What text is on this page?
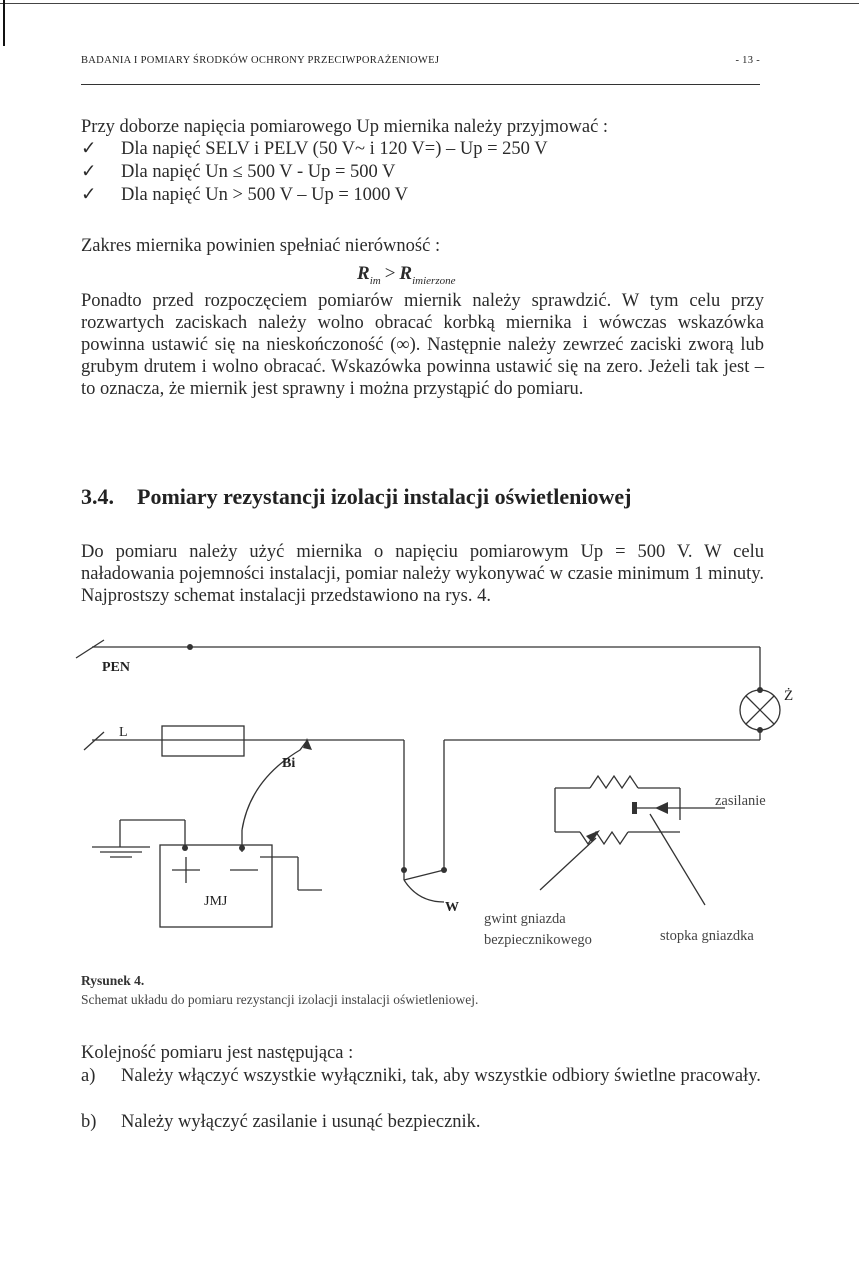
BADANIA I POMIARY ŚRODKÓW OCHRONY PRZECIWPORAŻENIOWEJ	- 13 -
Przy doborze napięcia pomiarowego Up miernika należy przyjmować :
✓ Dla napięć SELV i PELV (50 V~ i 120 V=) – Up = 250 V
✓ Dla napięć Un ≤ 500 V - Up = 500 V
✓ Dla napięć Un > 500 V – Up = 1000 V
Zakres miernika powinien spełniać nierówność :
$R_{im} > R_{imierzone}$
Ponadto przed rozpoczęciem pomiarów miernik należy sprawdzić. W tym celu przy rozwartych zaciskach należy wolno obracać korbką miernika i wówczas wskazówka powinna ustawić się na nieskończoność (∞). Następnie należy zewrzeć zaciski zworą lub grubym drutem i wolno obracać. Wskazówka powinna ustawić się na zero. Jeżeli tak jest – to oznacza, że miernik jest sprawny i można przystąpić do pomiaru.
3.4. Pomiary rezystancji izolacji instalacji oświetleniowej
Do pomiaru należy użyć miernika o napięciu pomiarowym Up = 500 V. W celu naładowania pojemności instalacji, pomiar należy wykonywać w czasie minimum 1 minuty. Najprostszy schemat instalacji przedstawiono na rys. 4.
PEN
L
Bi
JMJ	W
Ż
zasilanie
gwint gniazda
bezpiecznikowego	stopka gniazdka
Rysunek 4.
Schemat układu do pomiaru rezystancji izolacji instalacji oświetleniowej.
Kolejność pomiaru jest następująca :
a) Należy włączyć wszystkie wyłączniki, tak, aby wszystkie odbiory świetlne pracowały.
b) Należy wyłączyć zasilanie i usunąć bezpiecznik.
